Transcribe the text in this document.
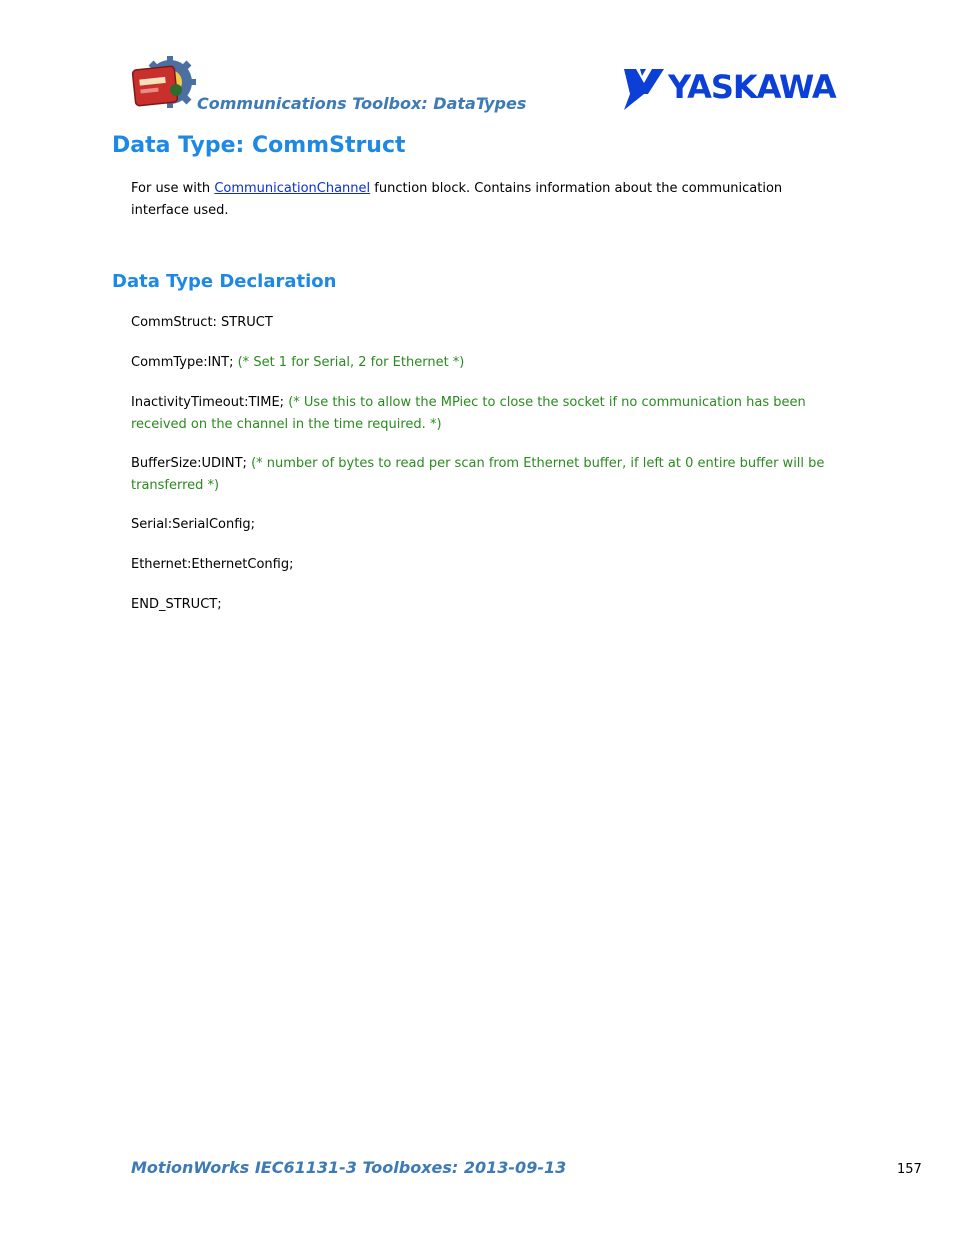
Communications Toolbox: DataTypes	YASKAWA
Data Type: CommStruct

For use with CommunicationChannel function block. Contains information about the communication interface used.

Data Type Declaration

CommStruct: STRUCT

CommType:INT; (* Set 1 for Serial, 2 for Ethernet *)

InactivityTimeout:TIME; (* Use this to allow the MPiec to close the socket if no communication has been received on the channel in the time required. *)

BufferSize:UDINT; (* number of bytes to read per scan from Ethernet buffer, if left at 0 entire buffer will be transferred *)

Serial:SerialConfig;

Ethernet:EthernetConfig;

END_STRUCT;

MotionWorks IEC61131-3 Toolboxes: 2013-09-13	157
